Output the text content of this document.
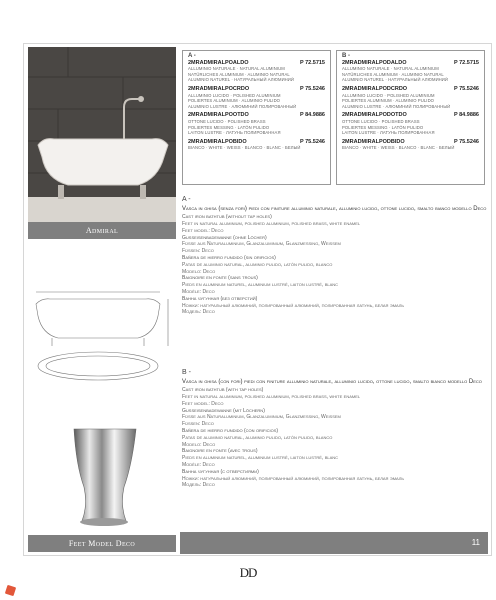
Admiral
Feet Model Deco
A -
2MRADMIRALPOALDO	P 72.5715
ALLUMINIO NATURALE · NATURAL ALUMINIUM
NATÜRLICHES ALUMINIUM · ALUMINIO NATURAL
ALUMINIO NATUREL · НАТУРАЛЬНЫЙ АЛЮМИНИЙ
2MRADMIRALPOCRDO	P 75.5246
ALLUMINIO LUCIDO · POLISHED ALUMINIUM
POLIERTES ALUMINIUM · ALUMINIO PULIDO
ALUMINIO LUSTRE · АЛЮМИНИЙ ПОЛИРОВАННЫЙ
2MRADMIRALPOOTDO	P 84.9886
OTTONE LUCIDO · POLISHED BRASS
POLIERTES MESSING · LATÓN PULIDO
LAITON LUSTRE · ЛАТУНЬ ПОЛИРОВАННАЯ
2MRADMIRALPOBIDO	P 75.5246
BIANCO · WHITE · WEISS · BLANCO · BLANC · БЕЛЫЙ
B -
2MRADMIRALPODALDO	P 72.5715
ALLUMINIO NATURALE · NATURAL ALUMINIUM
NATÜRLICHES ALUMINIUM · ALUMINIO NATURAL
ALUMINIO NATUREL · НАТУРАЛЬНЫЙ АЛЮМИНИЙ
2MRADMIRALPODCRDO	P 75.5246
ALLUMINIO LUCIDO · POLISHED ALUMINIUM
POLIERTES ALUMINIUM · ALUMINIO PULIDO
ALUMINIO LUSTRE · АЛЮМИНИЙ ПОЛИРОВАННЫЙ
2MRADMIRALPODOTDO	P 84.9886
OTTONE LUCIDO · POLISHED BRASS
POLIERTES MESSING · LATÓN PULIDO
LAITON LUSTRE · ЛАТУНЬ ПОЛИРОВАННАЯ
2MRADMIRALPODBIDO	P 75.5246
BIANCO · WHITE · WEISS · BLANCO · BLANC · БЕЛЫЙ
A -
Vasca in ghisa (senza fori) piedi con finiture alluminio naturale, alluminio lucido, ottone lucido, smalto bianco modello Deco
Cast iron bathtub (without tap holes)
Feet in natural aluminium, polished aluminium, polished brass, white enamel
Feet model: Deco
Gusseisenbadewanne (ohne Löcher)
Füsse aus Naturaluminium, Glanzaluminium, Glanzmessing, Weissem
Füssen: Deco
Bañera de hierro fundido (sin orificios)
Patas de aluminio natural, aluminio pulido, latón pulido, blanco
Modelo: Deco
Baignoire en fonte (sans trous)
Pieds en aluminium naturel, aluminium lustré, laiton lustré, blanc
Modèle: Deco
Ванна чугунная (без отверстий)
Ножки: натуральный алюминий, полированный алюминий, полированная латунь, белая эмаль
Модель: Deco
B -
Vasca in ghisa (con fori) piedi con finiture alluminio naturale, alluminio lucido, ottone lucido, smalto bianco modello Deco
Cast iron bathtub (with tap holes)
Feet in natural aluminium, polished aluminium, polished brass, white enamel
Feet model: Deco
Gusseisenbadewanne (mit Löchern)
Füsse aus Naturaluminium, Glanzaluminium, Glanzmessing, Weissem
Füssen: Deco
Bañera de hierro fundido (con orificios)
Patas de aluminio natural, aluminio pulido, latón pulido, blanco
Modelo: Deco
Baignoire en fonte (avec trous)
Pieds en aluminium naturel, aluminium lustré, laiton lustré, blanc
Modèle: Deco
Ванна чугунная (с отверстиями)
Ножки: натуральный алюминий, полированный алюминий, полированная латунь, белая эмаль
Модель: Deco
11
DD
